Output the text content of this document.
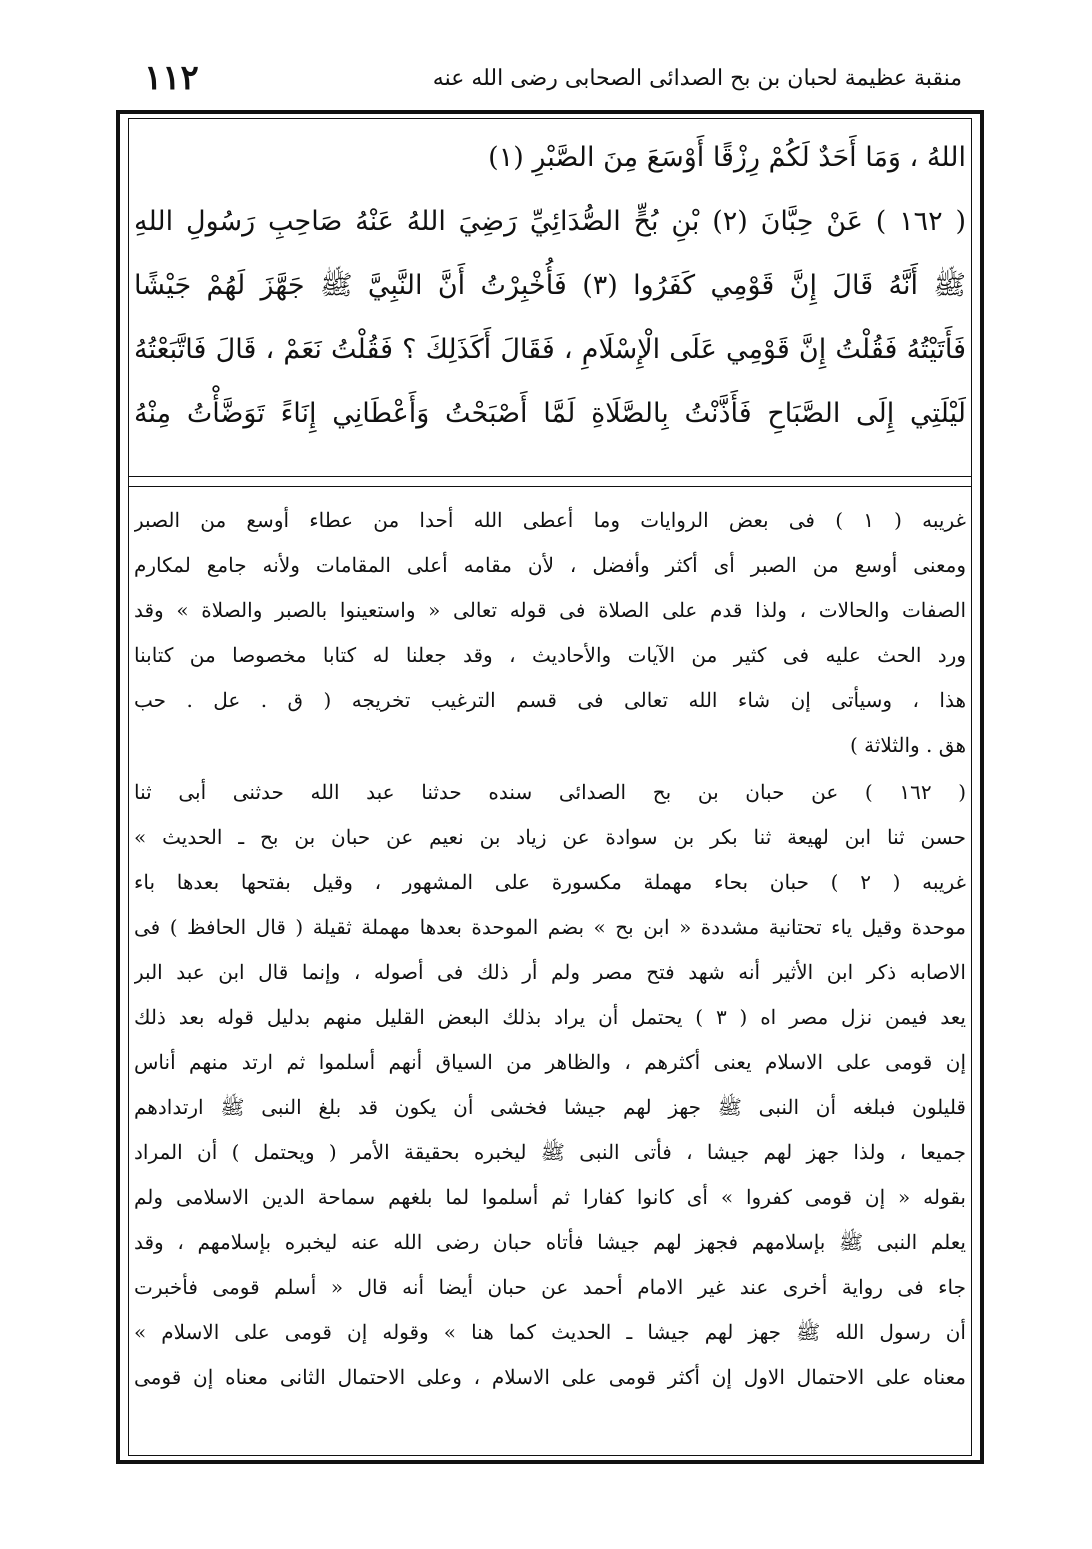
١١٢	منقبة عظيمة لحبان بن بح الصدائى الصحابى رضى الله عنه
اللهُ ، وَمَا أَحَدٌ لَكُمْ رِزْقًا أَوْسَعَ مِنَ الصَّبْرِ (١)
( ١٦٢ ) عَنْ حِبَّانَ (٢) بْنِ بُحٍّ الصُّدَائِيِّ رَضِيَ اللهُ عَنْهُ صَاحِبِ رَسُولِ اللهِ
ﷺ أَنَّهُ قَالَ إِنَّ قَوْمِي كَفَرُوا (٣) فَأُخْبِرْتُ أَنَّ النَّبِيَّ ﷺ جَهَّزَ لَهُمْ جَيْشًا
فَأَتَيْتُهُ فَقُلْتُ إِنَّ قَوْمِي عَلَى الْإِسْلَامِ ، فَقَالَ أَكَذَلِكَ ؟ فَقُلْتُ نَعَمْ ، قَالَ فَاتَّبَعْتُهُ
لَيْلَتِي إِلَى الصَّبَاحِ فَأَذَّنْتُ بِالصَّلَاةِ لَمَّا أَصْبَحْتُ وَأَعْطَانِي إِنَاءً تَوَضَّأْتُ مِنْهُ
غريبه ( ١ ) فى بعض الروايات وما أعطى الله أحدا من عطاء أوسع من الصبر
ومعنى أوسع من الصبر أى أكثر وأفضل ، لأن مقامه أعلى المقامات ولأنه جامع لمكارم
الصفات والحالات ، ولذا قدم على الصلاة فى قوله تعالى « واستعينوا بالصبر والصلاة » وقد
ورد الحث عليه فى كثير من الآيات والأحاديث ، وقد جعلنا له كتابا مخصوصا من كتابنا
هذا ، وسيأتى إن شاء الله تعالى فى قسم الترغيب تخريجه ( ق . عل . حب
هق . والثلاثة )
( ١٦٢ ) عن حبان بن بح الصدائى سنده حدثنا عبد الله حدثنى أبى ثنا
حسن ثنا ابن لهيعة ثنا بكر بن سوادة عن زياد بن نعيم عن حبان بن بح ـ الحديث »
غريبه ( ٢ ) حبان بحاء مهملة مكسورة على المشهور ، وقيل بفتحها بعدها باء
موحدة وقيل ياء تحتانية مشددة « ابن بح » بضم الموحدة بعدها مهملة ثقيلة ( قال الحافظ ) فى
الاصابه ذكر ابن الأثير أنه شهد فتح مصر ولم أر ذلك فى أصوله ، وإنما قال ابن عبد البر
يعد فيمن نزل مصر اه ( ٣ ) يحتمل أن يراد بذلك البعض القليل منهم بدليل قوله بعد ذلك
إن قومى على الاسلام يعنى أكثرهم ، والظاهر من السياق أنهم أسلموا ثم ارتد منهم أناس
قليلون فبلغه أن النبى ﷺ جهز لهم جيشا فخشى أن يكون قد بلغ النبى ﷺ ارتدادهم
جميعا ، ولذا جهز لهم جيشا ، فأتى النبى ﷺ ليخبره بحقيقة الأمر ( ويحتمل ) أن المراد
بقوله « إن قومى كفروا » أى كانوا كفارا ثم أسلموا لما بلغهم سماحة الدين الاسلامى ولم
يعلم النبى ﷺ بإسلامهم فجهز لهم جيشا فأتاه حبان رضى الله عنه ليخبره بإسلامهم ، وقد
جاء فى رواية أخرى عند غير الامام أحمد عن حبان أيضا أنه قال « أسلم قومى فأخبرت
أن رسول الله ﷺ جهز لهم جيشا ـ الحديث كما هنا » وقوله إن قومى على الاسلام »
معناه على الاحتمال الاول إن أكثر قومى على الاسلام ، وعلى الاحتمال الثانى معناه إن قومى
